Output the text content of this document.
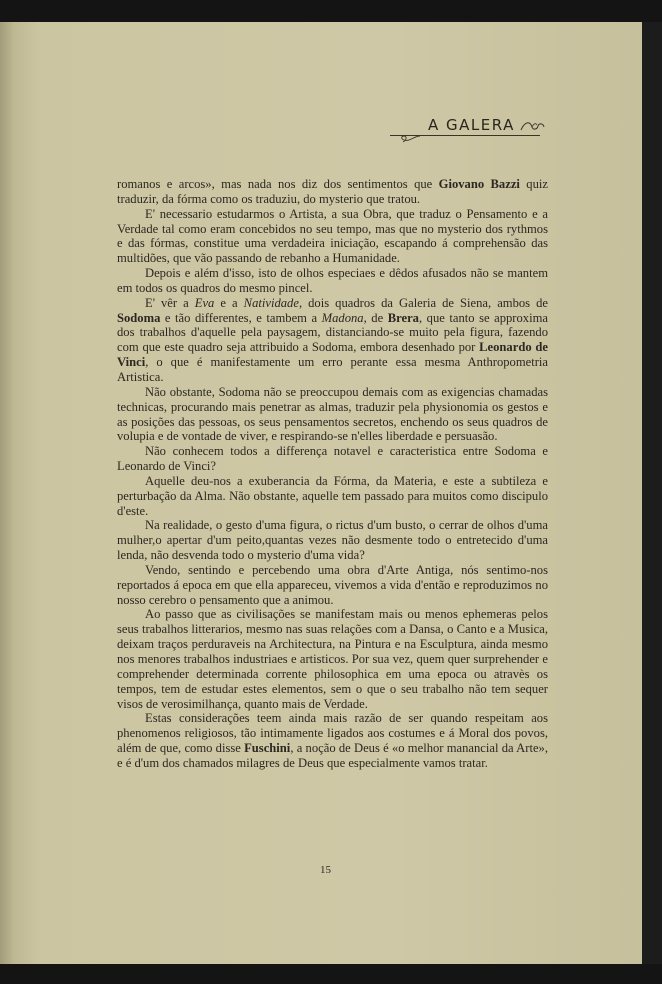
A GALERA

romanos e arcos», mas nada nos diz dos sentimentos que Giovano Bazzi quiz traduzir, da fórma como os traduziu, do mysterio que tratou.

E' necessario estudarmos o Artista, a sua Obra, que traduz o Pensamento e a Verdade tal como eram concebidos no seu tempo, mas que no mysterio dos rythmos e das fórmas, constitue uma verdadeira iniciação, escapando á comprehensão das multidões, que vão passando de rebanho a Humanidade.

Depois e além d'isso, isto de olhos especiaes e dêdos afusados não se mantem em todos os quadros do mesmo pincel.

E' vêr a Eva e a Natividade, dois quadros da Galeria de Siena, ambos de Sodoma e tão differentes, e tambem a Madona, de Brera, que tanto se approxima dos trabalhos d'aquelle pela paysagem, distanciando-se muito pela figura, fazendo com que este quadro seja attribuido a Sodoma, embora desenhado por Leonardo de Vinci, o que é manifestamente um erro perante essa mesma Anthropometria Artistica.

Não obstante, Sodoma não se preoccupou demais com as exigencias chamadas technicas, procurando mais penetrar as almas, traduzir pela physionomia os gestos e as posições das pessoas, os seus pensamentos secretos, enchendo os seus quadros de volupia e de vontade de viver, e respirando-se n'elles liberdade e persuasão.

Não conhecem todos a differença notavel e caracteristica entre Sodoma e Leonardo de Vinci?

Aquelle deu-nos a exuberancia da Fórma, da Materia, e este a subtileza e perturbação da Alma. Não obstante, aquelle tem passado para muitos como discipulo d'este.

Na realidade, o gesto d'uma figura, o rictus d'um busto, o cerrar de olhos d'uma mulher,o apertar d'um peito,quantas vezes não desmente todo o entretecido d'uma lenda, não desvenda todo o mysterio d'uma vida?

Vendo, sentindo e percebendo uma obra d'Arte Antiga, nós sentimo-nos reportados á epoca em que ella appareceu, vivemos a vida d'então e reproduzimos no nosso cerebro o pensamento que a animou.

Ao passo que as civilisações se manifestam mais ou menos ephemeras pelos seus trabalhos litterarios, mesmo nas suas relações com a Dansa, o Canto e a Musica, deixam traços perduraveis na Architectura, na Pintura e na Esculptura, ainda mesmo nos menores trabalhos industriaes e artisticos. Por sua vez, quem quer surprehender e comprehender determinada corrente philosophica em uma epoca ou atravès os tempos, tem de estudar estes elementos, sem o que o seu trabalho não tem sequer visos de verosimilhança, quanto mais de Verdade.

Estas considerações teem ainda mais razão de ser quando respeitam aos phenomenos religiosos, tão intimamente ligados aos costumes e á Moral dos povos, além de que, como disse Fuschini, a noção de Deus é «o melhor manancial da Arte», e é d'um dos chamados milagres de Deus que especialmente vamos tratar.

15
